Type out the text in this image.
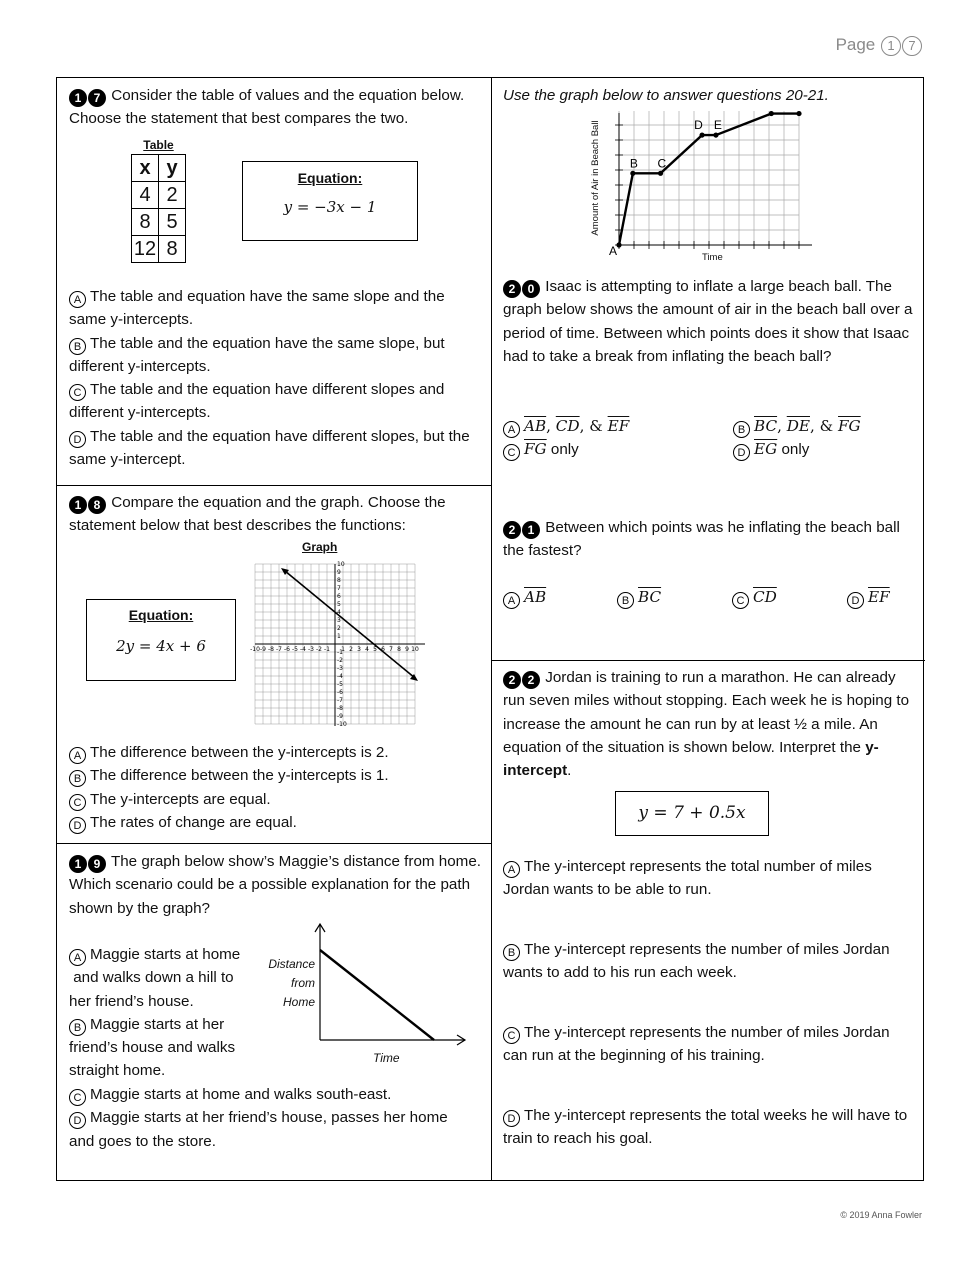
Page 1 7
1 7 Consider the table of values and the equation below. Choose the statement that best compares the two.
Table
x	y
4	2
8	5
12	8
Equation:
y = −3x − 1
A The table and equation have the same slope and the same y-intercepts.
B The table and the equation have the same slope, but different y-intercepts.
C The table and the equation have different slopes and different y-intercepts.
D The table and the equation have different slopes, but the same y-intercept.
1 8 Compare the equation and the graph. Choose the statement below that best describes the functions:
Equation:
2y = 4x + 6
Graph
-10
-10
-9
-9
-8
-8
-7
-7
-6
-6
-5
-5
-4
-4
-3
-3
-2
-2
-1 -1
1
1
2
2
3
3
4
4
5
5
6
6
7
7
8
8
9
9
10
10
A The difference between the y-intercepts is 2.
B The difference between the y-intercepts is 1.
C The y-intercepts are equal.
D The rates of change are equal.
1 9 The graph below show’s Maggie’s distance from home. Which scenario could be a possible explanation for the path shown by the graph?
A Maggie starts at home
and walks down a hill to
her friend’s house.
B Maggie starts at her
friend’s house and walks
straight home.
C Maggie starts at home and walks south-east.
D Maggie starts at her friend’s house, passes her home
and goes to the store.
Distance
from
Home
Time
Use the graph below to answer questions 20-21.
A
B C
D E
Amount of Air in Beach Ball
Time
2 0 Isaac is attempting to inflate a large beach ball. The graph below shows the amount of air in the beach ball over a period of time. Between which points does it show that Isaac had to take a break from inflating the beach ball?
A $\overline{AB}$, $\overline{CD}$, & $\overline{EF}$
C $\overline{FG}$ only
B $\overline{BC}$, $\overline{DE}$, & $\overline{FG}$
D $\overline{EG}$ only
2 1 Between which points was he inflating the beach ball the fastest?
A $\overline{AB}$	B $\overline{BC}$	C $\overline{CD}$	D $\overline{EF}$
2 2 Jordan is training to run a marathon. He can already run seven miles without stopping. Each week he is hoping to increase the amount he can run by at least ½ a mile. An equation of the situation is shown below. Interpret the y-intercept.
y = 7 + 0.5x
A The y-intercept represents the total number of miles Jordan wants to be able to run.
B The y-intercept represents the number of miles Jordan wants to add to his run each week.
C The y-intercept represents the number of miles Jordan can run at the beginning of his training.
D The y-intercept represents the total weeks he will have to train to reach his goal.
© 2019 Anna Fowler
